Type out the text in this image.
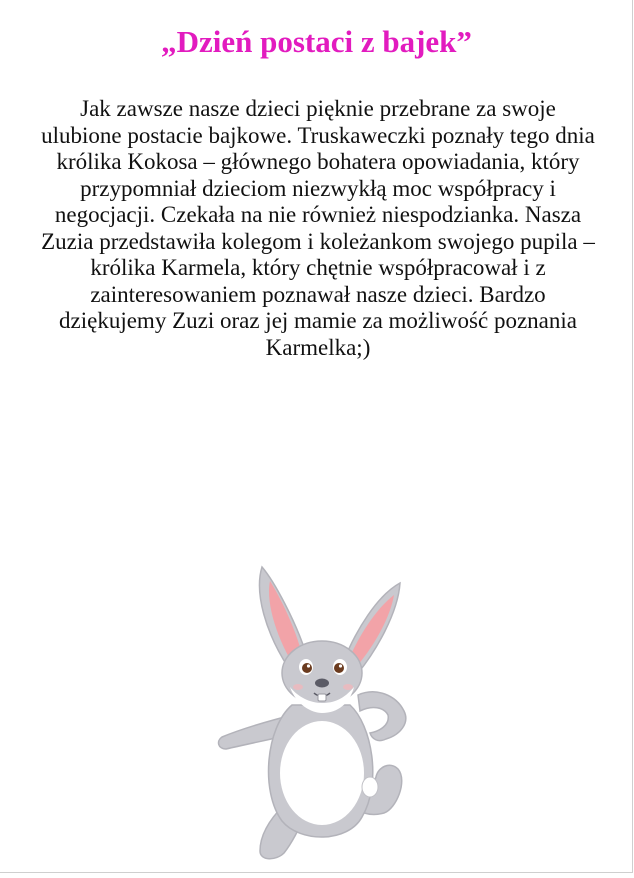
„Dzień postaci z bajek”

Jak zawsze nasze dzieci pięknie przebrane za swoje ulubione postacie bajkowe. Truskaweczki poznały tego dnia królika Kokosa – głównego bohatera opowiadania, który przypomniał dzieciom niezwykłą moc współpracy i negocjacji. Czekała na nie również niespodzianka. Nasza Zuzia przedstawiła kolegom i koleżankom swojego pupila – królika Karmela, który chętnie współpracował i z zainteresowaniem poznawał nasze dzieci. Bardzo dziękujemy Zuzi oraz jej mamie za możliwość poznania Karmelka;)
